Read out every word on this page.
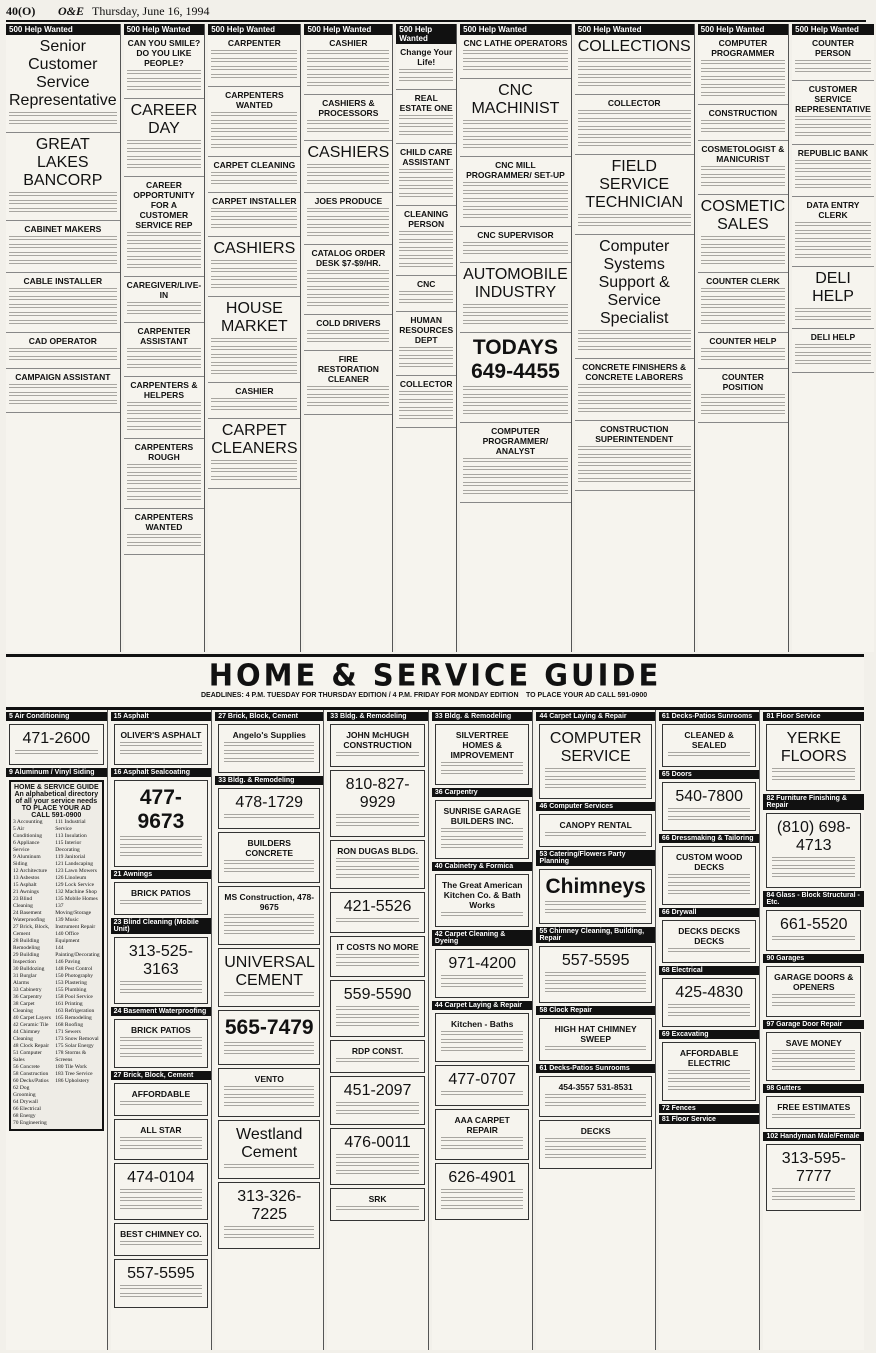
40(O) O&E Thursday, June 16, 1994
500 Help Wanted
Senior Customer Service Representative
GREAT LAKES BANCORP
CABINET MAKERS
CABLE INSTALLER
CAD OPERATOR
CAMPAIGN ASSISTANT
500 Help Wanted
CAN YOU SMILE? DO YOU LIKE PEOPLE?
CAREER DAY
CAREER OPPORTUNITY FOR A CUSTOMER SERVICE REP
CAREGIVER/LIVE-IN
CARPENTER ASSISTANT
CARPENTERS & HELPERS
CARPENTERS ROUGH
CARPENTERS WANTED
500 Help Wanted
CARPENTER
CARPENTERS WANTED
CARPET CLEANING
CARPET INSTALLER
CASHIERS
HOUSE MARKET
CASHIER
CARPET CLEANERS
500 Help Wanted
CASHIER
CASHIERS & PROCESSORS
CASHIERS
JOES PRODUCE
CATALOG ORDER DESK $7-$9/HR.
COLD DRIVERS
FIRE RESTORATION CLEANER
500 Help Wanted
Change Your Life!
REAL ESTATE ONE
CHILD CARE ASSISTANT
CLEANING PERSON
CNC
HUMAN RESOURCES DEPT
COLLECTOR
500 Help Wanted
CNC LATHE OPERATORS
CNC MACHINIST
CNC MILL PROGRAMMER/ SET-UP
CNC SUPERVISOR
AUTOMOBILE INDUSTRY
TODAYS 649-4455
COMPUTER PROGRAMMER/ ANALYST
500 Help Wanted
COLLECTIONS
COLLECTOR
FIELD SERVICE TECHNICIAN
Computer Systems Support & Service Specialist
CONCRETE FINISHERS & CONCRETE LABORERS
CONSTRUCTION SUPERINTENDENT
500 Help Wanted
COMPUTER PROGRAMMER
CONSTRUCTION
COSMETOLOGIST & MANICURIST
COSMETIC SALES
COUNTER CLERK
COUNTER HELP
COUNTER POSITION
500 Help Wanted
COUNTER PERSON
CUSTOMER SERVICE REPRESENTATIVE
REPUBLIC BANK
DATA ENTRY CLERK
DELI HELP
DELI HELP
HOME & SERVICE GUIDE
DEADLINES: 4 P.M. TUESDAY FOR THURSDAY EDITION / 4 P.M. FRIDAY FOR MONDAY EDITION TO PLACE YOUR AD CALL 591-0900
5 Air Conditioning
471-2600
9 Aluminum / Vinyl Siding
HOME & SERVICE GUIDE
An alphabetical directory of all your service needs
TO PLACE YOUR AD CALL 591-0900
3 Accounting
5 Air Conditioning
6 Appliance Service
9 Aluminum Siding
12 Architecture
13 Asbestos
15 Asphalt
21 Awnings
23 Blind Cleaning
24 Basement Waterproofing
27 Brick, Block, Cement
28 Building Remodeling
29 Building Inspection
30 Bulldozing
31 Burglar Alarms
33 Cabinetry
36 Carpentry
38 Carpet Cleaning
40 Carpet Layers
42 Ceramic Tile
44 Chimney Cleaning
48 Clock Repair
51 Computer Sales
56 Concrete
58 Construction
60 Decks/Patios
62 Dog Grooming
64 Drywall
66 Electrical
68 Energy
70 Engineering
111 Industrial Service
113 Insulation
115 Interior Decorating
119 Janitorial
121 Landscaping
123 Lawn Mowers
126 Linoleum
129 Lock Service
132 Machine Shop
135 Mobile Homes
137 Moving/Storage
139 Music Instrument Repair
140 Office Equipment
144 Painting/Decorating
146 Paving
148 Pest Control
150 Photography
153 Plastering
155 Plumbing
158 Pool Service
161 Printing
163 Refrigeration
165 Remodeling
168 Roofing
171 Sewers
173 Snow Removal
175 Solar Energy
178 Storms & Screens
180 Tile Work
183 Tree Service
186 Upholstery
15 Asphalt
OLIVER'S ASPHALT
16 Asphalt Sealcoating
477-9673
21 Awnings
BRICK PATIOS
23 Blind Cleaning (Mobile Unit)
313-525-3163
24 Basement Waterproofing
BRICK PATIOS
27 Brick, Block, Cement
AFFORDABLE
ALL STAR
474-0104
BEST CHIMNEY CO.
557-5595
27 Brick, Block, Cement
Angelo's Supplies
33 Bldg. & Remodeling
478-1729
BUILDERS CONCRETE
MS Construction, 478-9675
UNIVERSAL CEMENT
565-7479
VENTO
Westland Cement
313-326-7225
33 Bldg. & Remodeling
JOHN McHUGH CONSTRUCTION
810-827-9929
RON DUGAS BLDG.
421-5526
IT COSTS NO MORE
559-5590
RDP CONST.
451-2097
476-0011
SRK
33 Bldg. & Remodeling
SILVERTREE HOMES & IMPROVEMENT
36 Carpentry
SUNRISE GARAGE BUILDERS INC.
40 Cabinetry & Formica
The Great American Kitchen Co. & Bath Works
42 Carpet Cleaning & Dyeing
971-4200
44 Carpet Laying & Repair
Kitchen - Baths
477-0707
AAA CARPET REPAIR
626-4901
44 Carpet Laying & Repair
COMPUTER SERVICE
46 Computer Services
CANOPY RENTAL
53 Catering/Flowers Party Planning
Chimneys
55 Chimney Cleaning, Building, Repair
557-5595
58 Clock Repair
HIGH HAT CHIMNEY SWEEP
61 Decks-Patios Sunrooms
454-3557 531-8531
DECKS
61 Decks-Patios Sunrooms
CLEANED & SEALED
65 Doors
540-7800
66 Dressmaking & Tailoring
CUSTOM WOOD DECKS
66 Drywall
DECKS DECKS DECKS
68 Electrical
425-4830
69 Excavating
AFFORDABLE ELECTRIC
72 Fences
81 Floor Service
81 Floor Service
YERKE FLOORS
82 Furniture Finishing & Repair
(810) 698-4713
84 Glass - Block Structural - Etc.
661-5520
90 Garages
GARAGE DOORS & OPENERS
97 Garage Door Repair
SAVE MONEY
98 Gutters
FREE ESTIMATES
102 Handyman Male/Female
313-595-7777
